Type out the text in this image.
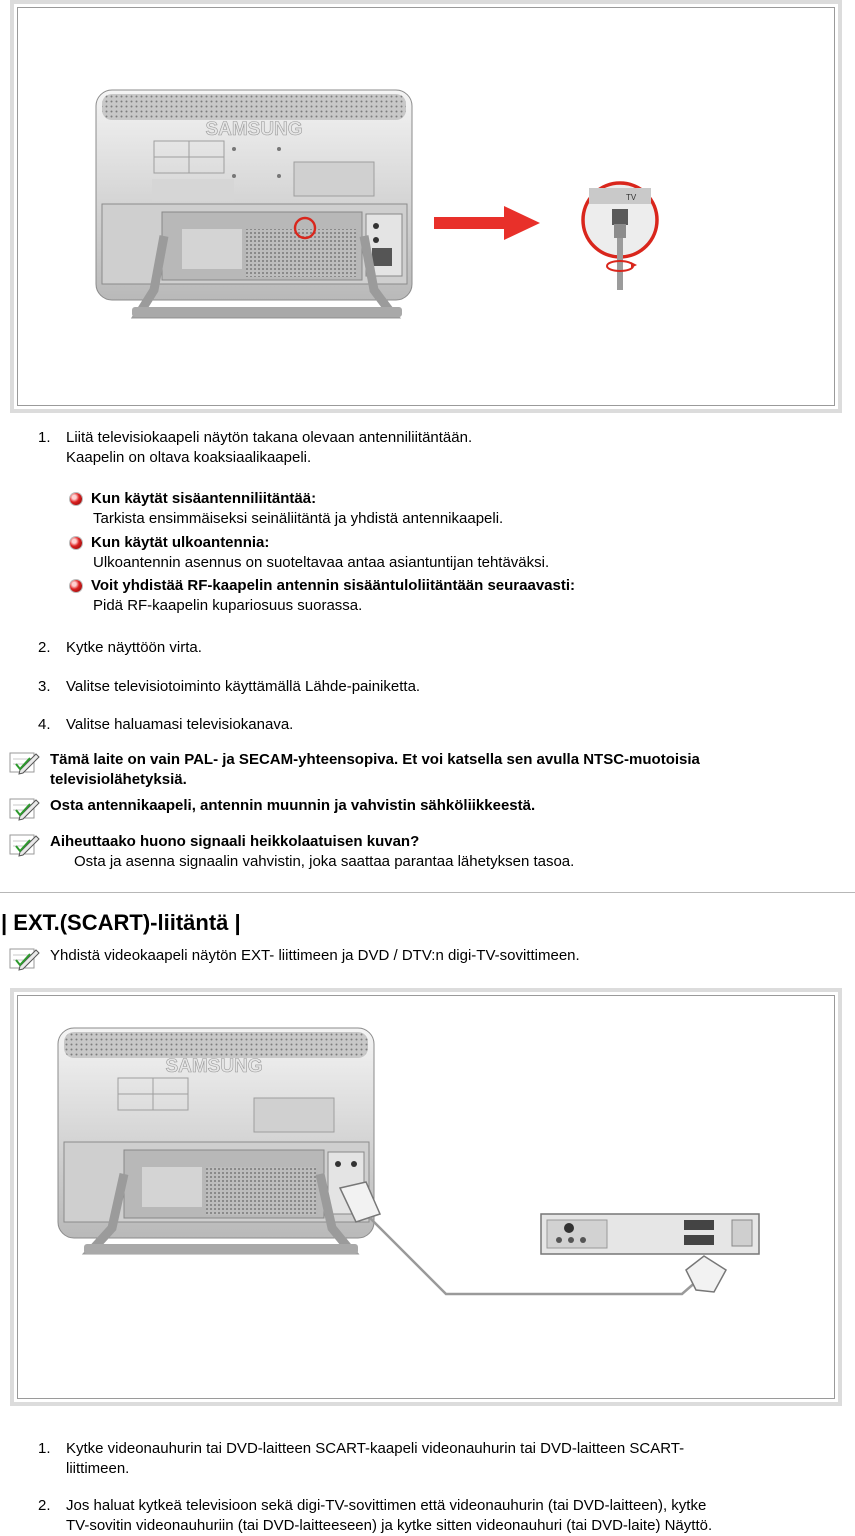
SAMSUNG
TV
1. Liitä televisiokaapeli näytön takana olevaan antenniliitäntään.
Kaapelin on oltava koaksiaalikaapeli.
Kun käytät sisäantenniliitäntää:
Tarkista ensimmäiseksi seinäliitäntä ja yhdistä antennikaapeli.
Kun käytät ulkoantennia:
Ulkoantennin asennus on suoteltavaa antaa asiantuntijan tehtäväksi.
Voit yhdistää RF-kaapelin antennin sisääntuloliitäntään seuraavasti:
Pidä RF-kaapelin kupariosuus suorassa.
2. Kytke näyttöön virta.
3. Valitse televisiotoiminto käyttämällä Lähde-painiketta.
4. Valitse haluamasi televisiokanava.
Tämä laite on vain PAL- ja SECAM-yhteensopiva. Et voi katsella sen avulla NTSC-muotoisia televisiolähetyksiä.
Osta antennikaapeli, antennin muunnin ja vahvistin sähköliikkeestä.
Aiheuttaako huono signaali heikkolaatuisen kuvan?
Osta ja asenna signaalin vahvistin, joka saattaa parantaa lähetyksen tasoa.
| EXT.(SCART)-liitäntä |
Yhdistä videokaapeli näytön EXT- liittimeen ja DVD / DTV:n digi-TV-sovittimeen.
SAMSUNG
1. Kytke videonauhurin tai DVD-laitteen SCART-kaapeli videonauhurin tai DVD-laitteen SCART-
liittimeen.
2. Jos haluat kytkeä televisioon sekä digi-TV-sovittimen että videonauhurin (tai DVD-laitteen), kytke
TV-sovitin videonauhuriin (tai DVD-laitteeseen) ja kytke sitten videonauhuri (tai DVD-laite) Näyttö.
